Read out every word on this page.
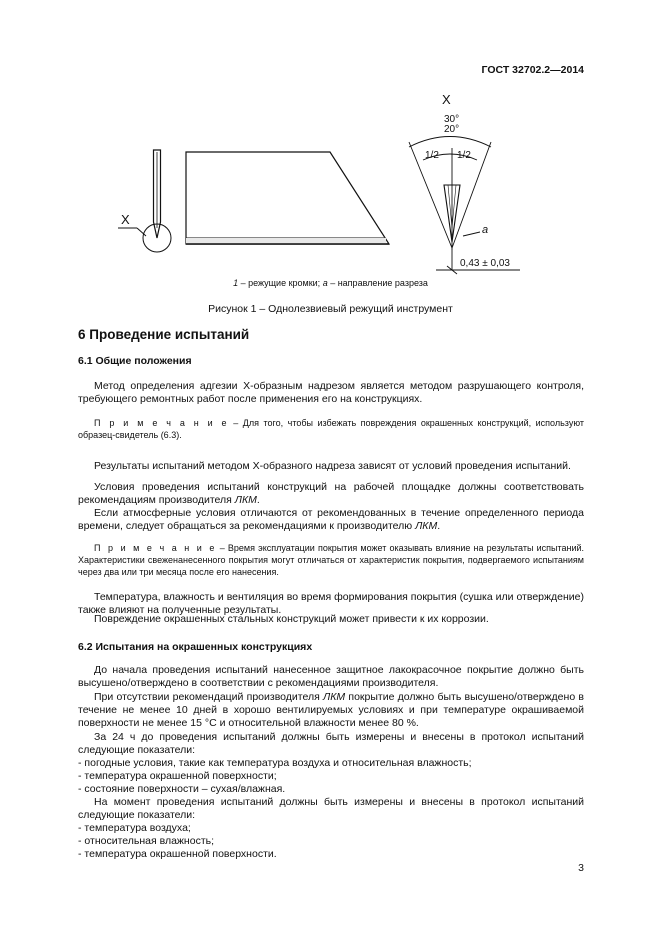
ГОСТ 32702.2—2014
X
X
30°
20°
1/2 1/2
a
0,43 ± 0,03
1 – режущие кромки; а – направление разреза
Рисунок 1 – Однолезвиевый режущий инструмент
6 Проведение испытаний
6.1 Общие положения

Метод определения адгезии X-образным надрезом является методом разрушающего контроля, требующего ремонтных работ после применения его на конструкциях.

П р и м е ч а н и е – Для того, чтобы избежать повреждения окрашенных конструкций, используют образец-свидетель (6.3).

Результаты испытаний методом X-образного надреза зависят от условий проведения испытаний.

Условия проведения испытаний конструкций на рабочей площадке должны соответствовать рекомендациям производителя ЛКМ.

Если атмосферные условия отличаются от рекомендованных в течение определенного периода времени, следует обращаться за рекомендациями к производителю ЛКМ.

П р и м е ч а н и е – Время эксплуатации покрытия может оказывать влияние на результаты испытаний. Характеристики свеженанесенного покрытия могут отличаться от характеристик покрытия, подвергаемого испытаниям через два или три месяца после его нанесения.

Температура, влажность и вентиляция во время формирования покрытия (сушка или отверждение) также влияют на полученные результаты.

Повреждение окрашенных стальных конструкций может привести к их коррозии.

6.2 Испытания на окрашенных конструкциях

До начала проведения испытаний нанесенное защитное лакокрасочное покрытие должно быть высушено/отверждено в соответствии с рекомендациями производителя.

При отсутствии рекомендаций производителя ЛКМ покрытие должно быть высушено/отверждено в течение не менее 10 дней в хорошо вентилируемых условиях и при температуре окрашиваемой поверхности не менее 15 °С и относительной влажности менее 80 %.

За 24 ч до проведения испытаний должны быть измерены и внесены в протокол испытаний следующие показатели:

- погодные условия, такие как температура воздуха и относительная влажность;
- температура окрашенной поверхности;
- состояние поверхности – сухая/влажная.

На момент проведения испытаний должны быть измерены и внесены в протокол испытаний следующие показатели:

- температура воздуха;
- относительная влажность;
- температура окрашенной поверхности.
3
